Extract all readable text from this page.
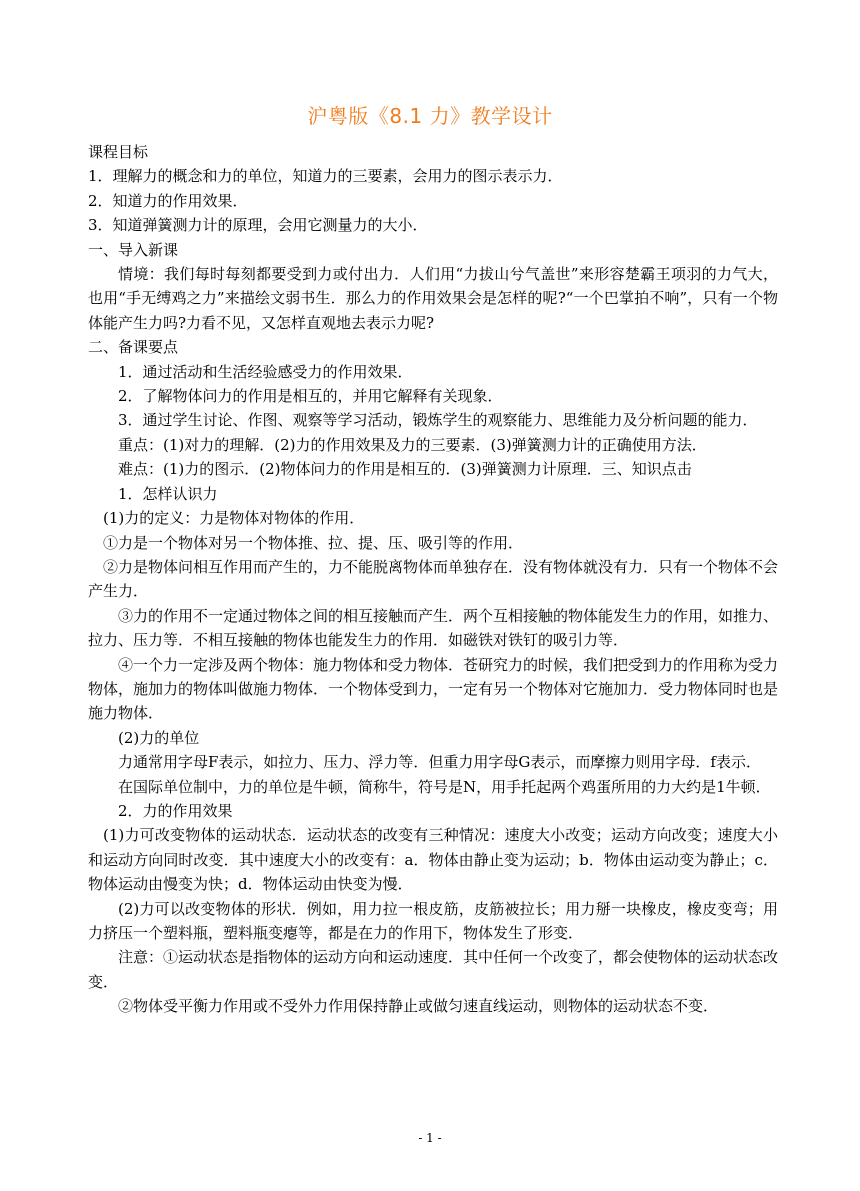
沪粤版《8.1 力》教学设计

课程目标

1．理解力的概念和力的单位，知道力的三要素，会用力的图示表示力．

2．知道力的作用效果．

3．知道弹簧测力计的原理，会用它测量力的大小．

一、导入新课

情境：我们每时每刻都要受到力或付出力．人们用“力拔山兮气盖世”来形容楚霸王项羽的力气大，也用“手无缚鸡之力”来描绘文弱书生．那么力的作用效果会是怎样的呢?“一个巴掌拍不响”，只有一个物体能产生力吗?力看不见，又怎样直观地去表示力呢?

二、备课要点

1．通过活动和生活经验感受力的作用效果．

2．了解物体问力的作用是相互的，并用它解释有关现象．

3．通过学生讨论、作图、观察等学习活动，锻炼学生的观察能力、思维能力及分析问题的能力．

重点：(1)对力的理解．(2)力的作用效果及力的三要素．(3)弹簧测力计的正确使用方法．

难点：(1)力的图示．(2)物体问力的作用是相互的．(3)弹簧测力计原理．三、知识点击

1．怎样认识力

(1)力的定义：力是物体对物体的作用．

①力是一个物体对另一个物体推、拉、提、压、吸引等的作用．

②力是物体问相互作用而产生的，力不能脱离物体而单独存在．没有物体就没有力．只有一个物体不会产生力．

③力的作用不一定通过物体之间的相互接触而产生．两个互相接触的物体能发生力的作用，如推力、拉力、压力等．不相互接触的物体也能发生力的作用．如磁铁对铁钉的吸引力等．

④一个力一定涉及两个物体：施力物体和受力物体．苍研究力的时候，我们把受到力的作用称为受力物体，施加力的物体叫做施力物体．一个物体受到力，一定有另一个物体对它施加力．受力物体同时也是施力物体．

(2)力的单位

力通常用字母F表示，如拉力、压力、浮力等．但重力用字母G表示，而摩擦力则用字母．f表示．

在国际单位制中，力的单位是牛顿，简称牛，符号是N，用手托起两个鸡蛋所用的力大约是1牛顿．

2．力的作用效果

(1)力可改变物体的运动状态．运动状态的改变有三种情况：速度大小改变；运动方向改变；速度大小和运动方向同时改变．其中速度大小的改变有：a．物体由静止变为运动；b．物体由运动变为静止；c．物体运动由慢变为快；d．物体运动由快变为慢．

(2)力可以改变物体的形状．例如，用力拉一根皮筋，皮筋被拉长；用力掰一块橡皮，橡皮变弯；用力挤压一个塑料瓶，塑料瓶变瘪等，都是在力的作用下，物体发生了形变．

注意：①运动状态是指物体的运动方向和运动速度．其中任何一个改变了，都会使物体的运动状态改变．

②物体受平衡力作用或不受外力作用保持静止或做匀速直线运动，则物体的运动状态不变．

- 1 -
